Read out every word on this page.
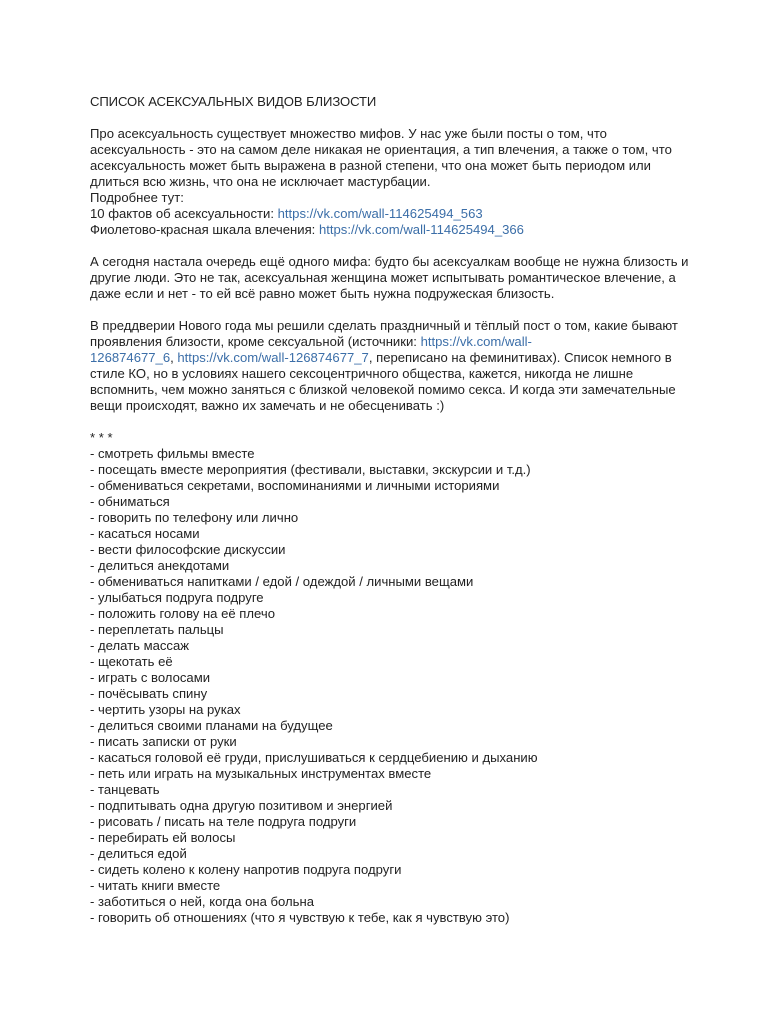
СПИСОК АСЕКСУАЛЬНЫХ ВИДОВ БЛИЗОСТИ
Про асексуальность существует множество мифов. У нас уже были посты о том, что
асексуальность - это на самом деле никакая не ориентация, а тип влечения, а также о том, что
асексуальность может быть выражена в разной степени, что она может быть периодом или
длиться всю жизнь, что она не исключает мастурбации.
Подробнее тут:
10 фактов об асексуальности: https://vk.com/wall-114625494_563
Фиолетово-красная шкала влечения: https://vk.com/wall-114625494_366
А сегодня настала очередь ещё одного мифа: будто бы асексуалкам вообще не нужна близость и
другие люди. Это не так, асексуальная женщина может испытывать романтическое влечение, а
даже если и нет - то ей всё равно может быть нужна подружеская близость.
В преддверии Нового года мы решили сделать праздничный и тёплый пост о том, какие бывают
проявления близости, кроме сексуальной (источники: https://vk.com/wall-
126874677_6, https://vk.com/wall-126874677_7, переписано на феминитивах). Список немного в
стиле КО, но в условиях нашего сексоцентричного общества, кажется, никогда не лишне
вспомнить, чем можно заняться с близкой человекой помимо секса. И когда эти замечательные
вещи происходят, важно их замечать и не обесценивать :)
* * *
- смотреть фильмы вместе
- посещать вместе мероприятия (фестивали, выставки, экскурсии и т.д.)
- обмениваться секретами, воспоминаниями и личными историями
- обниматься
- говорить по телефону или лично
- касаться носами
- вести философские дискуссии
- делиться анекдотами
- обмениваться напитками / едой / одеждой / личными вещами
- улыбаться подруга подруге
- положить голову на её плечо
- переплетать пальцы
- делать массаж
- щекотать её
- играть с волосами
- почёсывать спину
- чертить узоры на руках
- делиться своими планами на будущее
- писать записки от руки
- касаться головой её груди, прислушиваться к сердцебиению и дыханию
- петь или играть на музыкальных инструментах вместе
- танцевать
- подпитывать одна другую позитивом и энергией
- рисовать / писать на теле подруга подруги
- перебирать ей волосы
- делиться едой
- сидеть колено к колену напротив подруга подруги
- читать книги вместе
- заботиться о ней, когда она больна
- говорить об отношениях (что я чувствую к тебе, как я чувствую это)
